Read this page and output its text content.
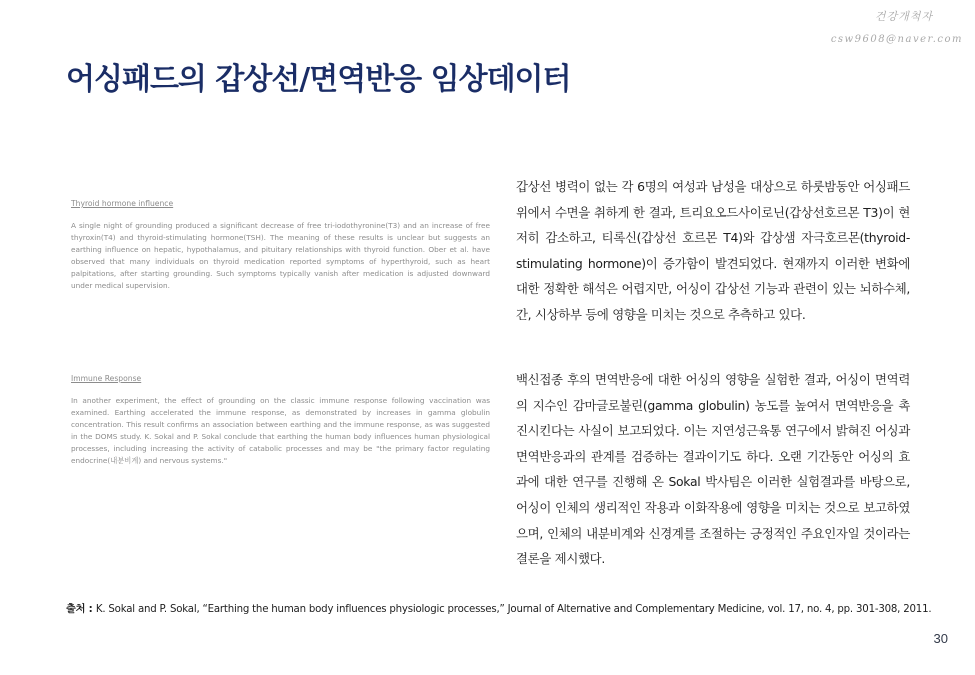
건강개척자
csw9608@naver.com
어싱패드의 갑상선/면역반응 임상데이터
Thyroid hormone influence

A single night of grounding produced a significant decrease of free tri-iodothyronine(T3) and an increase of free thyroxin(T4) and thyroid-stimulating hormone(TSH). The meaning of these results is unclear but suggests an earthing influence on hepatic, hypothalamus, and pituitary relationships with thyroid function. Ober et al. have observed that many individuals on thyroid medication reported symptoms of hyperthyroid, such as heart palpitations, after starting grounding. Such symptoms typically vanish after medication is adjusted downward under medical supervision.

Immune Response

In another experiment, the effect of grounding on the classic immune response following vaccination was examined. Earthing accelerated the immune response, as demonstrated by increases in gamma globulin concentration. This result confirms an association between earthing and the immune response, as was suggested in the DOMS study. K. Sokal and P. Sokal conclude that earthing the human body influences human physiological processes, including increasing the activity of catabolic processes and may be "the primary factor regulating endocrine(내분비계) and nervous systems."

갑상선 병력이 없는 각 6명의 여성과 남성을 대상으로 하룻밤동안 어싱패드 위에서 수면을 취하게 한 결과, 트리요오드사이로닌(갑상선호르몬 T3)이 현저히 감소하고, 티록신(갑상선 호르몬 T4)와 갑상샘 자극호르몬(thyroid-stimulating hormone)이 증가함이 발견되었다. 현재까지 이러한 변화에 대한 정확한 해석은 어렵지만, 어싱이 갑상선 기능과 관련이 있는 뇌하수체, 간, 시상하부 등에 영향을 미치는 것으로 추측하고 있다.

백신접종 후의 면역반응에 대한 어싱의 영향을 실험한 결과, 어싱이 면역력의 지수인 감마글로불린(gamma globulin) 농도를 높여서 면역반응을 촉진시킨다는 사실이 보고되었다. 이는 지연성근육통 연구에서 밝혀진 어싱과 면역반응과의 관계를 검증하는 결과이기도 하다. 오랜 기간동안 어싱의 효과에 대한 연구를 진행해 온 Sokal 박사팀은 이러한 실험결과를 바탕으로, 어싱이 인체의 생리적인 작용과 이화작용에 영향을 미치는 것으로 보고하였으며, 인체의 내분비계와 신경계를 조절하는 긍정적인 주요인자일 것이라는 결론을 제시했다.

출처 : K. Sokal and P. Sokal, “Earthing the human body influences physiologic processes,” Journal of Alternative and Complementary Medicine, vol. 17, no. 4, pp. 301-308, 2011.
30
